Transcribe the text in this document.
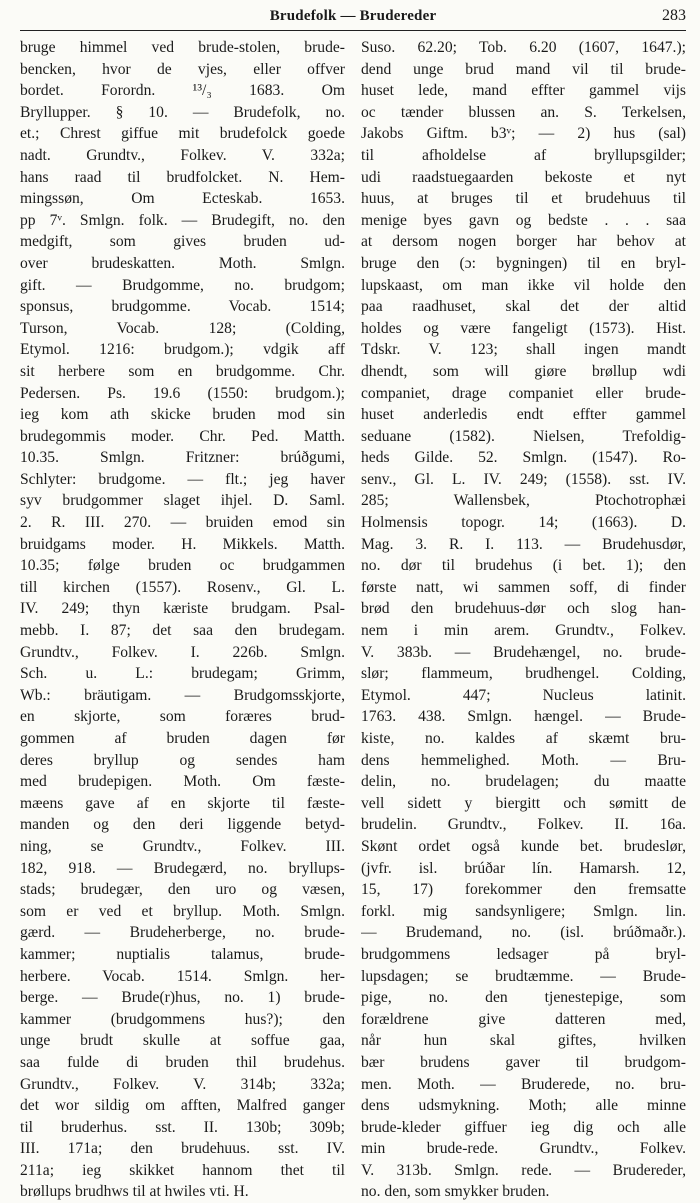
Brudefolk — Brudereder	283
bruge himmel ved brude-stolen, brude-
bencken, hvor de vjes, eller offver
bordet. Forordn. ¹³/₃ 1683. Om
Bryllupper. § 10. — Brudefolk, no.
et.; Chrest giffue mit brudefolck goede
nadt. Grundtv., Folkev. V. 332a;
hans raad til brudfolcket. N. Hem-
mingssøn, Om Ecteskab. 1653.
pp 7ᵛ. Smlgn. folk. — Brudegift, no. den
medgift, som gives bruden ud-
over brudeskatten. Moth. Smlgn.
gift. — Brudgomme, no. brudgom;
sponsus, brudgomme. Vocab. 1514;
Turson, Vocab. 128; (Colding,
Etymol. 1216: brudgom.); vdgik aff
sit herbere som en brudgomme. Chr.
Pedersen. Ps. 19.6 (1550: brudgom.);
ieg kom ath skicke bruden mod sin
brudegommis moder. Chr. Ped. Matth.
10.35. Smlgn. Fritzner: brúðgumi,
Schlyter: brudgome. — flt.; jeg haver
syv brudgommer slaget ihjel. D. Saml.
2. R. III. 270. — bruiden emod sin
bruidgams moder. H. Mikkels. Matth.
10.35; følge bruden oc brudgammen
till kirchen (1557). Rosenv., Gl. L.
IV. 249; thyn kæriste brudgam. Psal-
mebb. I. 87; det saa den brudegam.
Grundtv., Folkev. I. 226b. Smlgn.
Sch. u. L.: brudegam; Grimm,
Wb.: bräutigam. — Brudgomsskjorte,
en skjorte, som foræres brud-
gommen af bruden dagen før
deres bryllup og sendes ham
med brudepigen. Moth. Om fæste-
mæens gave af en skjorte til fæste-
manden og den deri liggende betyd-
ning, se Grundtv., Folkev. III.
182, 918. — Brudegærd, no. bryllups-
stads; brudegær, den uro og væsen,
som er ved et bryllup. Moth. Smlgn.
gærd. — Brudeherberge, no. brude-
kammer; nuptialis talamus, brude-
herbere. Vocab. 1514. Smlgn. her-
berge. — Brude(r)hus, no. 1) brude-
kammer (brudgommens hus?); den
unge brudt skulle at soffue gaa,
saa fulde di bruden thil brudehus.
Grundtv., Folkev. V. 314b; 332a;
det wor sildig om afften, Malfred ganger
til bruderhus. sst. II. 130b; 309b;
III. 171a; den brudehuus. sst. IV.
211a; ieg skikket hannom thet til
brøllups brudhws til at hwiles vti. H.
Suso. 62.20; Tob. 6.20 (1607, 1647.);
dend unge brud mand vil til brude-
huset lede, mand effter gammel vijs
oc tænder blussen an. S. Terkelsen,
Jakobs Giftm. b3ᵛ; — 2) hus (sal)
til afholdelse af bryllupsgilder;
udi raadstuegaarden bekoste et nyt
huus, at bruges til et brudehuus til
menige byes gavn og bedste . . . saa
at dersom nogen borger har behov at
bruge den (ɔ: bygningen) til en bryl-
lupskaast, om man ikke vil holde den
paa raadhuset, skal det der altid
holdes og være fangeligt (1573). Hist.
Tdskr. V. 123; shall ingen mandt
dhendt, som will giøre brøllup wdi
companiet, drage companiet eller brude-
huset anderledis endt effter gammel
seduane (1582). Nielsen, Trefoldig-
heds Gilde. 52. Smlgn. (1547). Ro-
senv., Gl. L. IV. 249; (1558). sst. IV.
285; Wallensbek, Ptochotrophæi
Holmensis topogr. 14; (1663). D.
Mag. 3. R. I. 113. — Brudehusdør,
no. dør til brudehus (i bet. 1); den
første natt, wi sammen soff, di finder
brød den brudehuus-dør och slog han-
nem i min arem. Grundtv., Folkev.
V. 383b. — Brudehængel, no. brude-
slør; flammeum, brudhengel. Colding,
Etymol. 447; Nucleus latinit.
1763. 438. Smlgn. hængel. — Brude-
kiste, no. kaldes af skæmt bru-
dens hemmelighed. Moth. — Bru-
delin, no. brudelagen; du maatte
vell sidett y biergitt och sømitt de
brudelin. Grundtv., Folkev. II. 16a.
Skønt ordet også kunde bet. brudeslør,
(jvfr. isl. brúðar lín. Hamarsh. 12,
15, 17) forekommer den fremsatte
forkl. mig sandsynligere; Smlgn. lin.
— Brudemand, no. (isl. brúðmaðr.).
brudgommens ledsager på bryl-
lupsdagen; se brudtæmme. — Brude-
pige, no. den tjenestepige, som
forældrene give datteren med,
når hun skal giftes, hvilken
bær brudens gaver til brudgom-
men. Moth. — Bruderede, no. bru-
dens udsmykning. Moth; alle minne
brude-kleder giffuer ieg dig och alle
min brude-rede. Grundtv., Folkev.
V. 313b. Smlgn. rede. — Brudereder,
no. den, som smykker bruden.
